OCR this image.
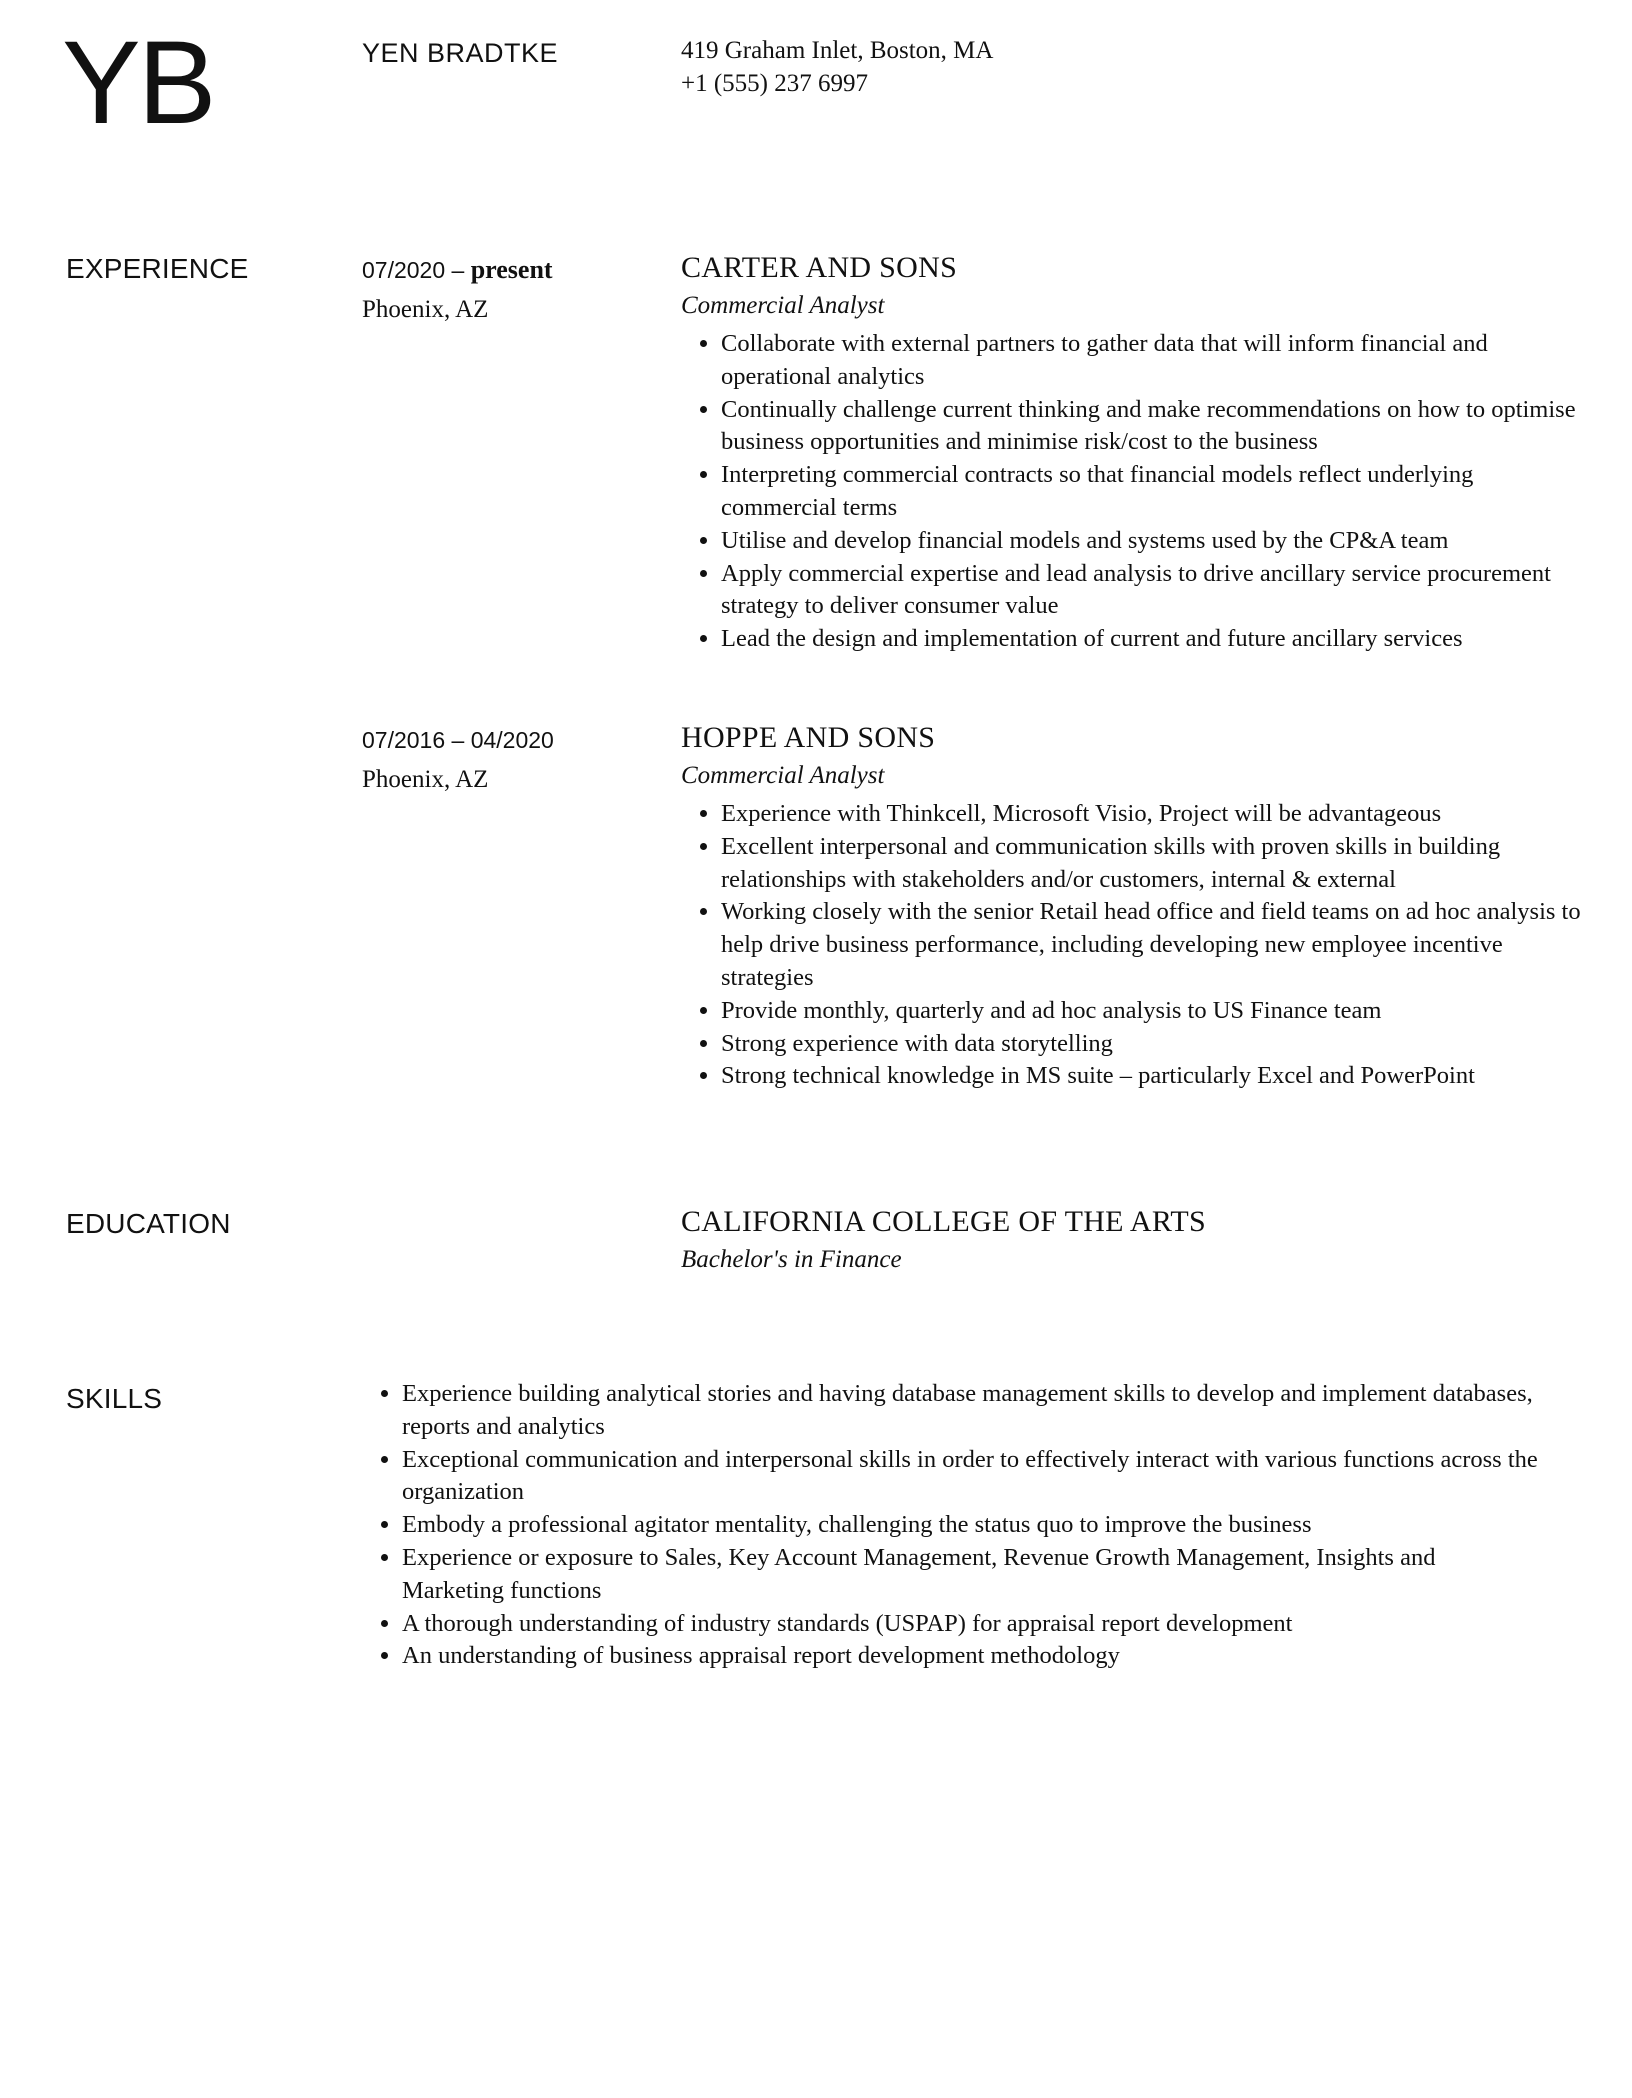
YB	YEN BRADTKE	419 Graham Inlet, Boston, MA
+1 (555) 237 6997
EXPERIENCE	07/2020 – present
Phoenix, AZ
CARTER AND SONS
Commercial Analyst
• Collaborate with external partners to gather data that will inform financial and operational analytics
• Continually challenge current thinking and make recommendations on how to optimise business opportunities and minimise risk/cost to the business
• Interpreting commercial contracts so that financial models reflect underlying commercial terms
• Utilise and develop financial models and systems used by the CP&A team
• Apply commercial expertise and lead analysis to drive ancillary service procurement strategy to deliver consumer value
• Lead the design and implementation of current and future ancillary services
07/2016 – 04/2020
Phoenix, AZ
HOPPE AND SONS
Commercial Analyst
• Experience with Thinkcell, Microsoft Visio, Project will be advantageous
• Excellent interpersonal and communication skills with proven skills in building relationships with stakeholders and/or customers, internal & external
• Working closely with the senior Retail head office and field teams on ad hoc analysis to help drive business performance, including developing new employee incentive strategies
• Provide monthly, quarterly and ad hoc analysis to US Finance team
• Strong experience with data storytelling
• Strong technical knowledge in MS suite – particularly Excel and PowerPoint
EDUCATION	CALIFORNIA COLLEGE OF THE ARTS
Bachelor's in Finance
SKILLS
•	Experience building analytical stories and having database management skills to develop and implement databases, reports and analytics
• Exceptional communication and interpersonal skills in order to effectively interact with various functions across the organization
• Embody a professional agitator mentality, challenging the status quo to improve the business
• Experience or exposure to Sales, Key Account Management, Revenue Growth Management, Insights and Marketing functions
• A thorough understanding of industry standards (USPAP) for appraisal report development
• An understanding of business appraisal report development methodology
